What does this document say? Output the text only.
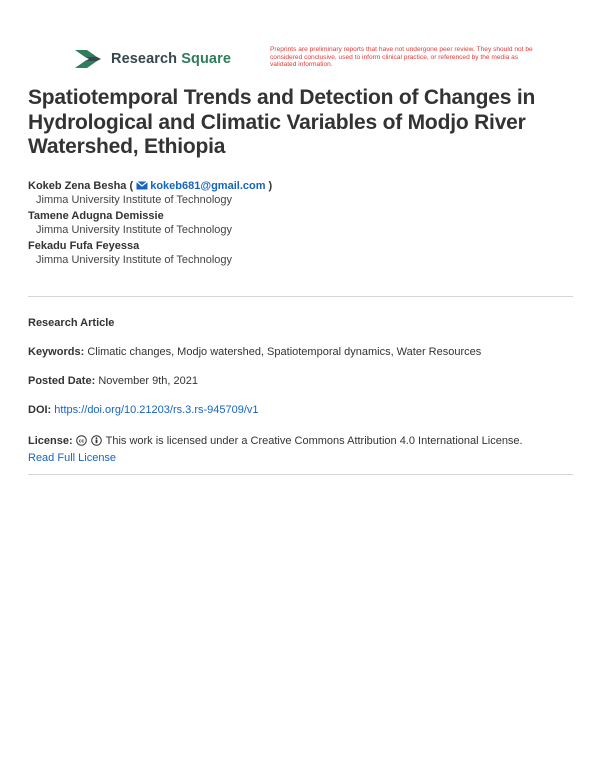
Research Square
Preprints are preliminary reports that have not undergone peer review. They should not be considered conclusive, used to inform clinical practice, or referenced by the media as validated information.
Spatiotemporal Trends and Detection of Changes in Hydrological and Climatic Variables of Modjo River Watershed, Ethiopia
Kokeb Zena Besha ( kokeb681@gmail.com )
Jimma University Institute of Technology
Tamene Adugna Demissie
Jimma University Institute of Technology
Fekadu Fufa Feyessa
Jimma University Institute of Technology
Research Article
Keywords: Climatic changes, Modjo watershed, Spatiotemporal dynamics, Water Resources
Posted Date: November 9th, 2021
DOI: https://doi.org/10.21203/rs.3.rs-945709/v1
License: cc This work is licensed under a Creative Commons Attribution 4.0 International License.
Read Full License
